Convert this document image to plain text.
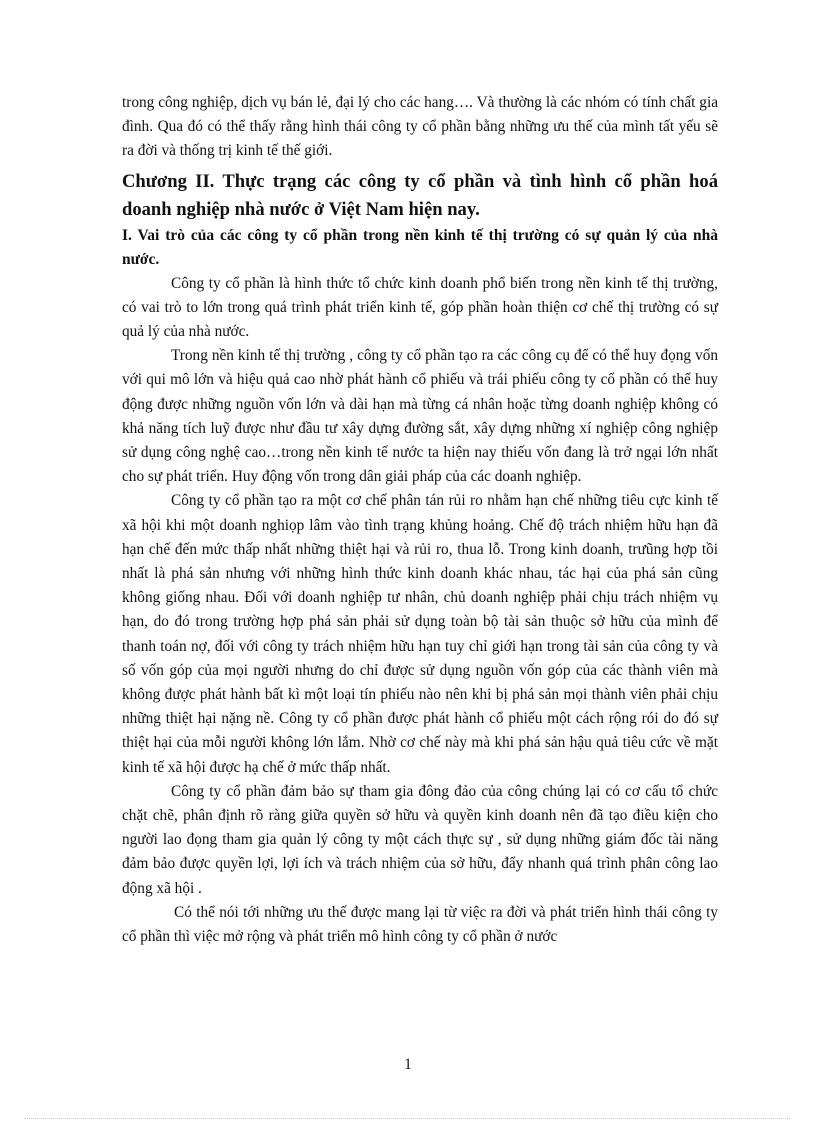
trong công nghiệp, dịch vụ bán lẻ, đại lý cho các hang…. Và thường là các nhóm có tính chất gia đình. Qua đó có thể thấy rằng hình thái công ty cổ phần bằng những ưu thế của mình tất yếu sẽ ra đời và thống trị kinh tế thế giới.

Chương II. Thực trạng các công ty cổ phần và tình hình cổ phần hoá doanh nghiệp nhà nước ở Việt Nam hiện nay.
I. Vai trò của các công ty cổ phần trong nền kinh tế thị trường có sự quản lý của nhà nước.

Công ty cổ phần là hình thức tổ chức kinh doanh phổ biến trong nền kinh tế thị trường, có vai trò to lớn trong quá trình phát triển kinh tế, góp phần hoàn thiện cơ chế thị trường có sự quả lý của nhà nước.

Trong nền kinh tế thị trường , công ty cổ phần tạo ra các công cụ để có thể huy đọng vốn với qui mô lớn và hiệu quả cao nhờ phát hành cổ phiếu và trái phiếu công ty cổ phần có thể huy động được những nguồn vốn lớn và dài hạn mà từng cá nhân hoặc từng doanh nghiệp không có khả năng tích luỹ được như đầu tư xây dựng đường sắt, xây dựng những xí nghiệp công nghiệp sử dụng công nghệ cao…trong nền kinh tế nước ta hiện nay thiếu vốn đang là trở ngại lớn nhất cho sự phát triển. Huy động vốn trong dân giải pháp của các doanh nghiệp.

Công ty cổ phần tạo ra một cơ chế phân tán rủi ro nhằm hạn chế những tiêu cực kinh tế xã hội khi một doanh nghiọp lâm vào tình trạng khủng hoảng. Chế độ trách nhiệm hữu hạn đã hạn chế đến mức thấp nhất những thiệt hại và rủi ro, thua lỗ. Trong kinh doanh, trưũng hợp tồi nhất là phá sản nhưng với những hình thức kinh doanh khác nhau, tác hại của phá sản cũng không giống nhau. Đối với doanh nghiệp tư nhân, chủ doanh nghiệp phải chịu trách nhiệm vụ hạn, do đó trong trường hợp phá sản phải sử dụng toàn bộ tài sản thuộc sở hữu của mình để thanh toán nợ, đối với công ty trách nhiệm hữu hạn tuy chỉ giới hạn trong tài sản của công ty và số vốn góp của mọi người nhưng do chỉ được sử dụng nguồn vốn góp của các thành viên mà không được phát hành bất kì một loại tín phiếu nào nên khi bị phá sản mọi thành viên phải chịu những thiệt hại nặng nề. Công ty cổ phần được phát hành cổ phiếu một cách rộng rói do đó sự thiệt hại của mỗi người không lớn lắm. Nhờ cơ chế này mà khi phá sản hậu quả tiêu cức về mặt kinh tế xã hội được hạ chế ở mức thấp nhất.

Công ty cổ phần đảm bảo sự tham gia đông đảo của công chúng lại có cơ cấu tổ chức chặt chẽ, phân định rõ ràng giữa quyền sở hữu và quyền kinh doanh nên đã tạo điều kiện cho người lao đọng tham gia quản lý công ty một cách thực sự , sử dụng những giám đốc tài năng đảm bảo được quyền lợi, lợi ích và trách nhiệm của sở hữu, đẩy nhanh quá trình phân công lao động xã hội .

Có thể nói tới những ưu thế được mang lại từ việc ra đời và phát triển hình thái công ty cổ phần thì việc mở rộng và phát triển mô hình công ty cổ phần ở nước

1
